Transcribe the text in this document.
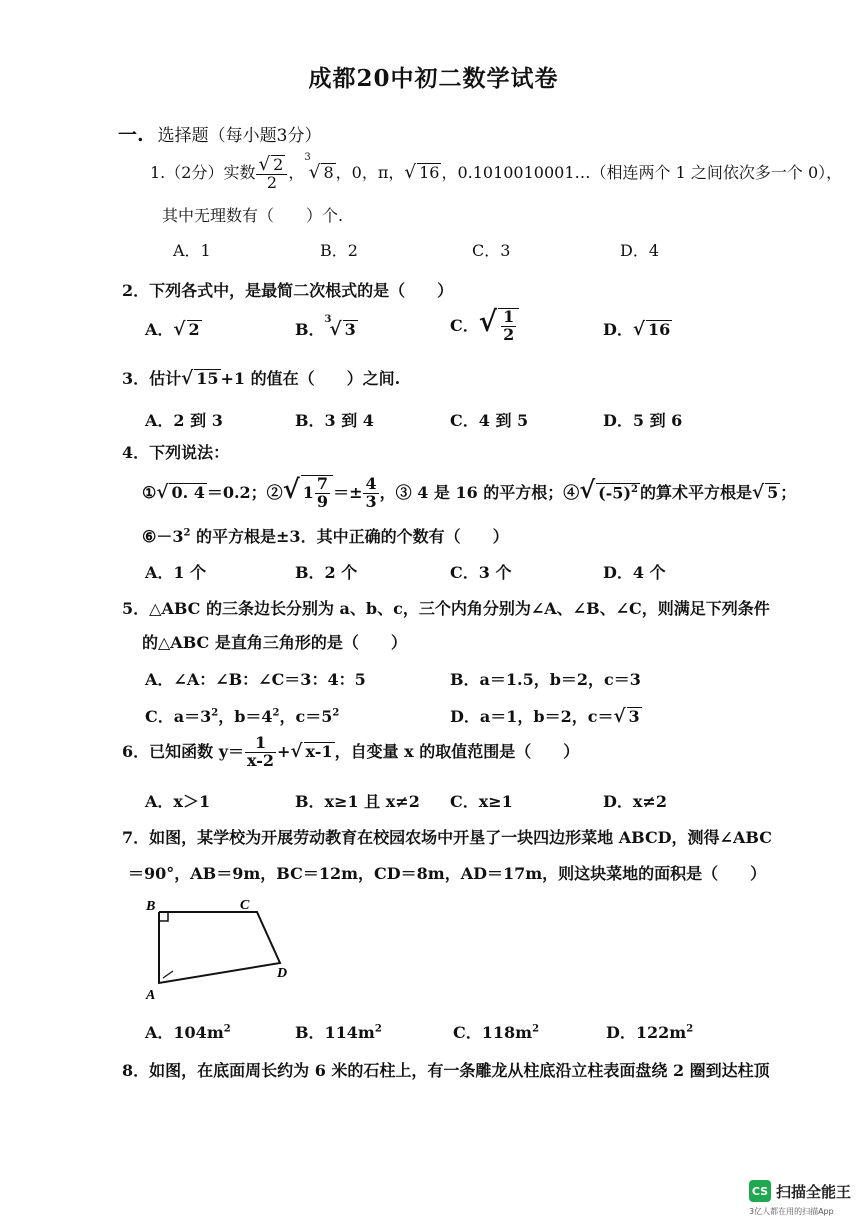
成都20中初二数学试卷
一. 选择题（每小题3分）
1.（2分）实数 $\frac{√ 2}{2}$ ，$^3$√ 8 ，0，π，√ 16 ，0.1010010001…（相连两个 1 之间依次多一个 0），
其中无理数有（　　）个.
A．1	B．2	C．3	D．4
2．下列各式中，是最简二次根式的是（　　）
A．√ 2	B．$^3$√ 3	C．√ $\frac{1}{2}$	D．√ 16
3．估计√ 15 +1 的值在（　　）之间.
A．2 到 3	B．3 到 4	C．4 到 5	D．5 到 6
4．下列说法：
①√ 0. 4 ＝0.2；②√ $1 \frac{7}{9} =\pm \frac{4}{3}$ ，③ 4 是 16 的平方根；④√ $(-5)^2$ 的算术平方根是√ 5 ；
$⑥-3^2$ 的平方根是±3．其中正确的个数有（　　）
A．1 个	B．2 个	C．3 个	D．4 个
5．△ABC 的三条边长分别为 a、b、c，三个内角分别为∠A、∠B、∠C，则满足下列条件
的△ABC 是直角三角形的是（　　）
A．∠A：∠B：∠C＝3：4：5	B．a＝1.5，b＝2，c＝3
C．$a=3^2$，$b=4^2$，$c=5^2$	D．a＝1，b＝2，c＝√ 3
6．已知函数 $y= \frac{1}{x-2}$ +√ x-1 ，自变量 x 的取值范围是（　　）
A．x＞1	B．x≥1 且 x≠2 C．x≥1	D．x≠2
7．如图，某学校为开展劳动教育在校园农场中开垦了一块四边形菜地 ABCD，测得∠ABC
＝90°，AB＝9m，BC＝12m，CD＝8m，AD＝17m，则这块菜地的面积是（　　）
B	C
D
A
A．$104m^2$	B．$114m^2$	C．$118m^2$	D．$122m^2$
8．如图，在底面周长约为 6 米的石柱上，有一条雕龙从柱底沿立柱表面盘绕 2 圈到达柱顶
CS 扫描全能王
3亿人都在用的扫描App
